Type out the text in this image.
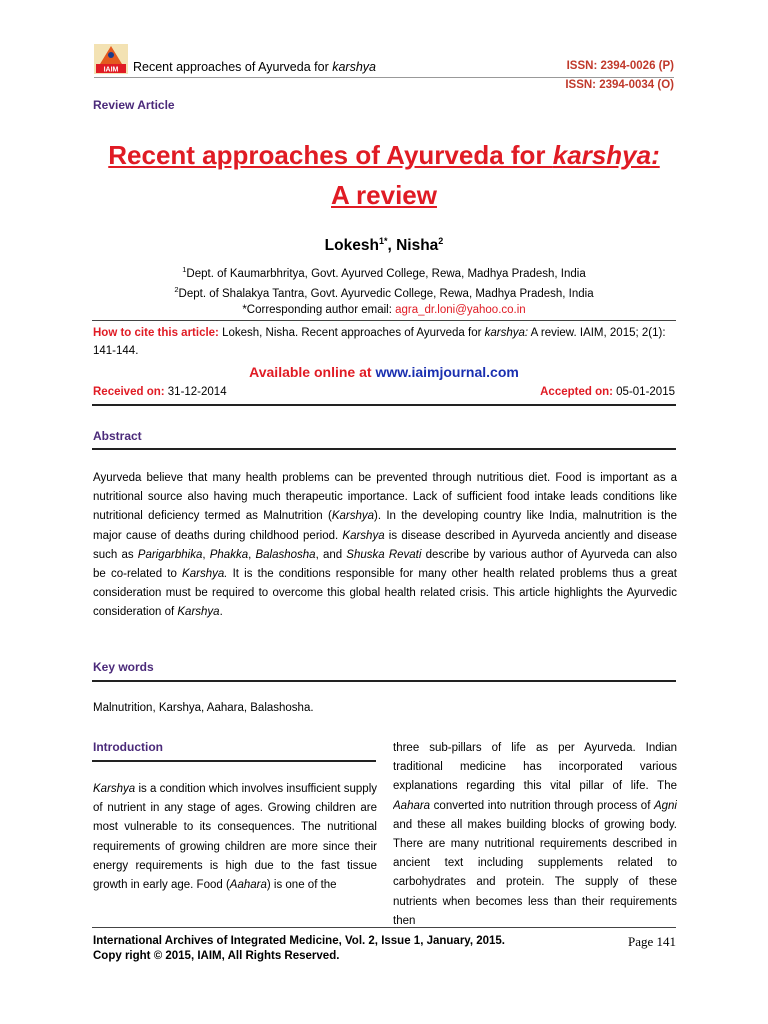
IAIM Recent approaches of Ayurveda for karshya	ISSN: 2394-0026 (P)
ISSN: 2394-0034 (O)
Review Article
Recent approaches of Ayurveda for karshya:
A review
Lokesh$^{1*}$, Nisha$^2$
$^1$Dept. of Kaumarbhritya, Govt. Ayurved College, Rewa, Madhya Pradesh, India
$^2$Dept. of Shalakya Tantra, Govt. Ayurvedic College, Rewa, Madhya Pradesh, India
*Corresponding author email: agra_dr.loni@yahoo.co.in
How to cite this article: Lokesh, Nisha. Recent approaches of Ayurveda for karshya: A review. IAIM, 2015; 2(1): 141-144.
Available online at www.iaimjournal.com
Received on: 31-12-2014	Accepted on: 05-01-2015
Abstract
Ayurveda believe that many health problems can be prevented through nutritious diet. Food is important as a nutritional source also having much therapeutic importance. Lack of sufficient food intake leads conditions like nutritional deficiency termed as Malnutrition (Karshya). In the developing country like India, malnutrition is the major cause of deaths during childhood period. Karshya is disease described in Ayurveda anciently and disease such as Parigarbhika, Phakka, Balashosha, and Shuska Revati describe by various author of Ayurveda can also be co-related to Karshya. It is the conditions responsible for many other health related problems thus a great consideration must be required to overcome this global health related crisis. This article highlights the Ayurvedic consideration of Karshya.
Key words
Malnutrition, Karshya, Aahara, Balashosha.
Introduction
Karshya is a condition which involves insufficient supply of nutrient in any stage of ages. Growing children are most vulnerable to its consequences. The nutritional requirements of growing children are more since their energy requirements is high due to the fast tissue growth in early age. Food (Aahara) is one of the
three sub-pillars of life as per Ayurveda. Indian traditional medicine has incorporated various explanations regarding this vital pillar of life. The Aahara converted into nutrition through process of Agni and these all makes building blocks of growing body. There are many nutritional requirements described in ancient text including supplements related to carbohydrates and protein. The supply of these nutrients when becomes less than their requirements then
International Archives of Integrated Medicine, Vol. 2, Issue 1, January, 2015.
Copy right © 2015, IAIM, All Rights Reserved.
Page 141
